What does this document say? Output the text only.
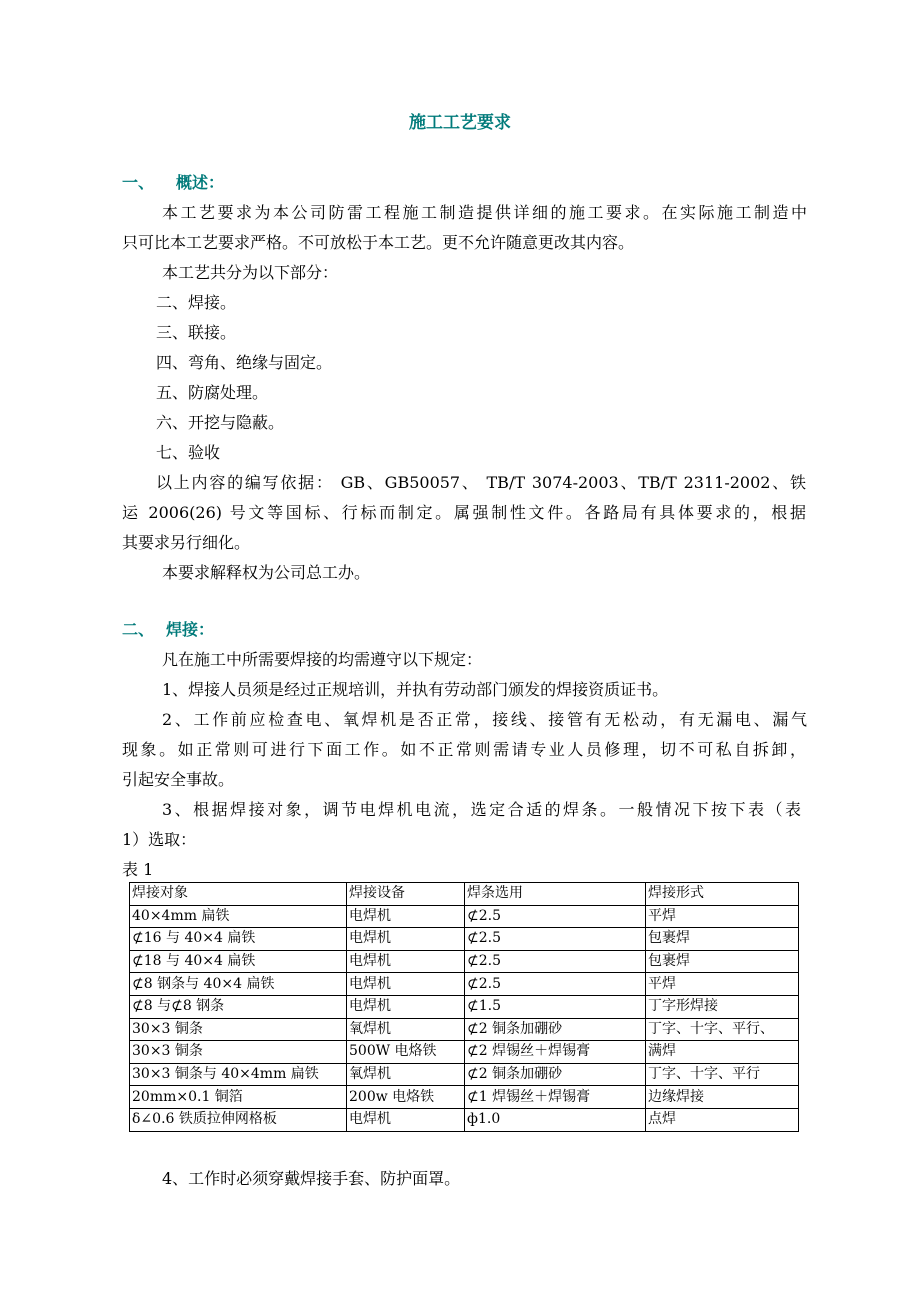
施工工艺要求
一、 概述：
本工艺要求为本公司防雷工程施工制造提供详细的施工要求。在实际施工制造中
只可比本工艺要求严格。不可放松于本工艺。更不允许随意更改其内容。
本工艺共分为以下部分：
二、焊接。
三、联接。
四、弯角、绝缘与固定。
五、防腐处理。
六、开挖与隐蔽。
七、验收
以上内容的编写依据： GB、GB50057、 TB/T 3074-2003、TB/T 2311-2002、铁
运 2006(26) 号文等国标、行标而制定。属强制性文件。各路局有具体要求的，根据
其要求另行细化。
本要求解释权为公司总工办。
二、 焊接：
凡在施工中所需要焊接的均需遵守以下规定：
1、焊接人员须是经过正规培训，并执有劳动部门颁发的焊接资质证书。
2、工作前应检查电、氧焊机是否正常，接线、接管有无松动，有无漏电、漏气
现象。如正常则可进行下面工作。如不正常则需请专业人员修理，切不可私自拆卸，
引起安全事故。
3、根据焊接对象，调节电焊机电流，选定合适的焊条。一般情况下按下表（表
1）选取：
表 1
焊接对象	焊接设备	焊条选用	焊接形式
40×4mm 扁铁	电焊机	⊄2.5	平焊
⊄16 与 40×4 扁铁	电焊机	⊄2.5	包裹焊
⊄18 与 40×4 扁铁	电焊机	⊄2.5	包裹焊
⊄8 钢条与 40×4 扁铁	电焊机	⊄2.5	平焊
⊄8 与⊄8 钢条	电焊机	⊄1.5	丁字形焊接
30×3 铜条	氧焊机	⊄2 铜条加硼砂	丁字、十字、平行、
30×3 铜条	500W 电烙铁	⊄2 焊锡丝＋焊锡膏	满焊
30×3 铜条与 40×4mm 扁铁	氧焊机	⊄2 铜条加硼砂	丁字、十字、平行
20mm×0.1 铜箔	200w 电烙铁	⊄1 焊锡丝＋焊锡膏	边缘焊接
δ∠0.6 铁质拉伸网格板	电焊机	ф1.0	点焊
4、工作时必须穿戴焊接手套、防护面罩。
